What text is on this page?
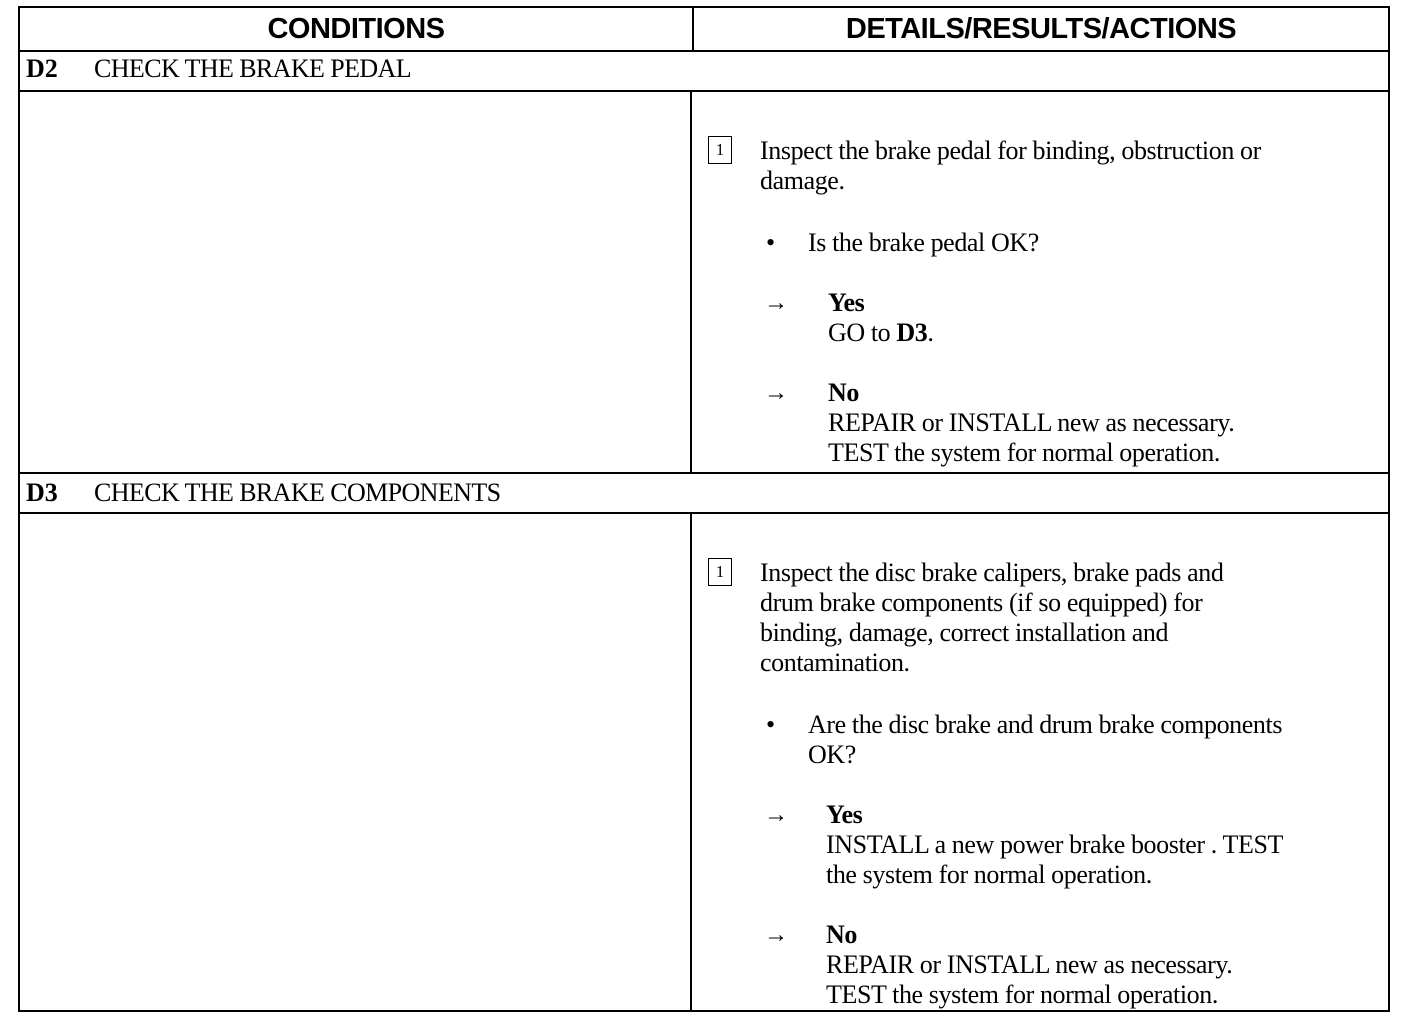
CONDITIONS	DETAILS/RESULTS/ACTIONS
D2 CHECK THE BRAKE PEDAL
1 Inspect the brake pedal for binding, obstruction or
damage.
• Is the brake pedal OK?
→ Yes
GO to D3.
→ No
REPAIR or INSTALL new as necessary.
TEST the system for normal operation.
D3 CHECK THE BRAKE COMPONENTS
1 Inspect the disc brake calipers, brake pads and
drum brake components (if so equipped) for
binding, damage, correct installation and
contamination.
• Are the disc brake and drum brake components
OK?
→ Yes
INSTALL a new power brake booster . TEST
the system for normal operation.
→ No
REPAIR or INSTALL new as necessary.
TEST the system for normal operation.
